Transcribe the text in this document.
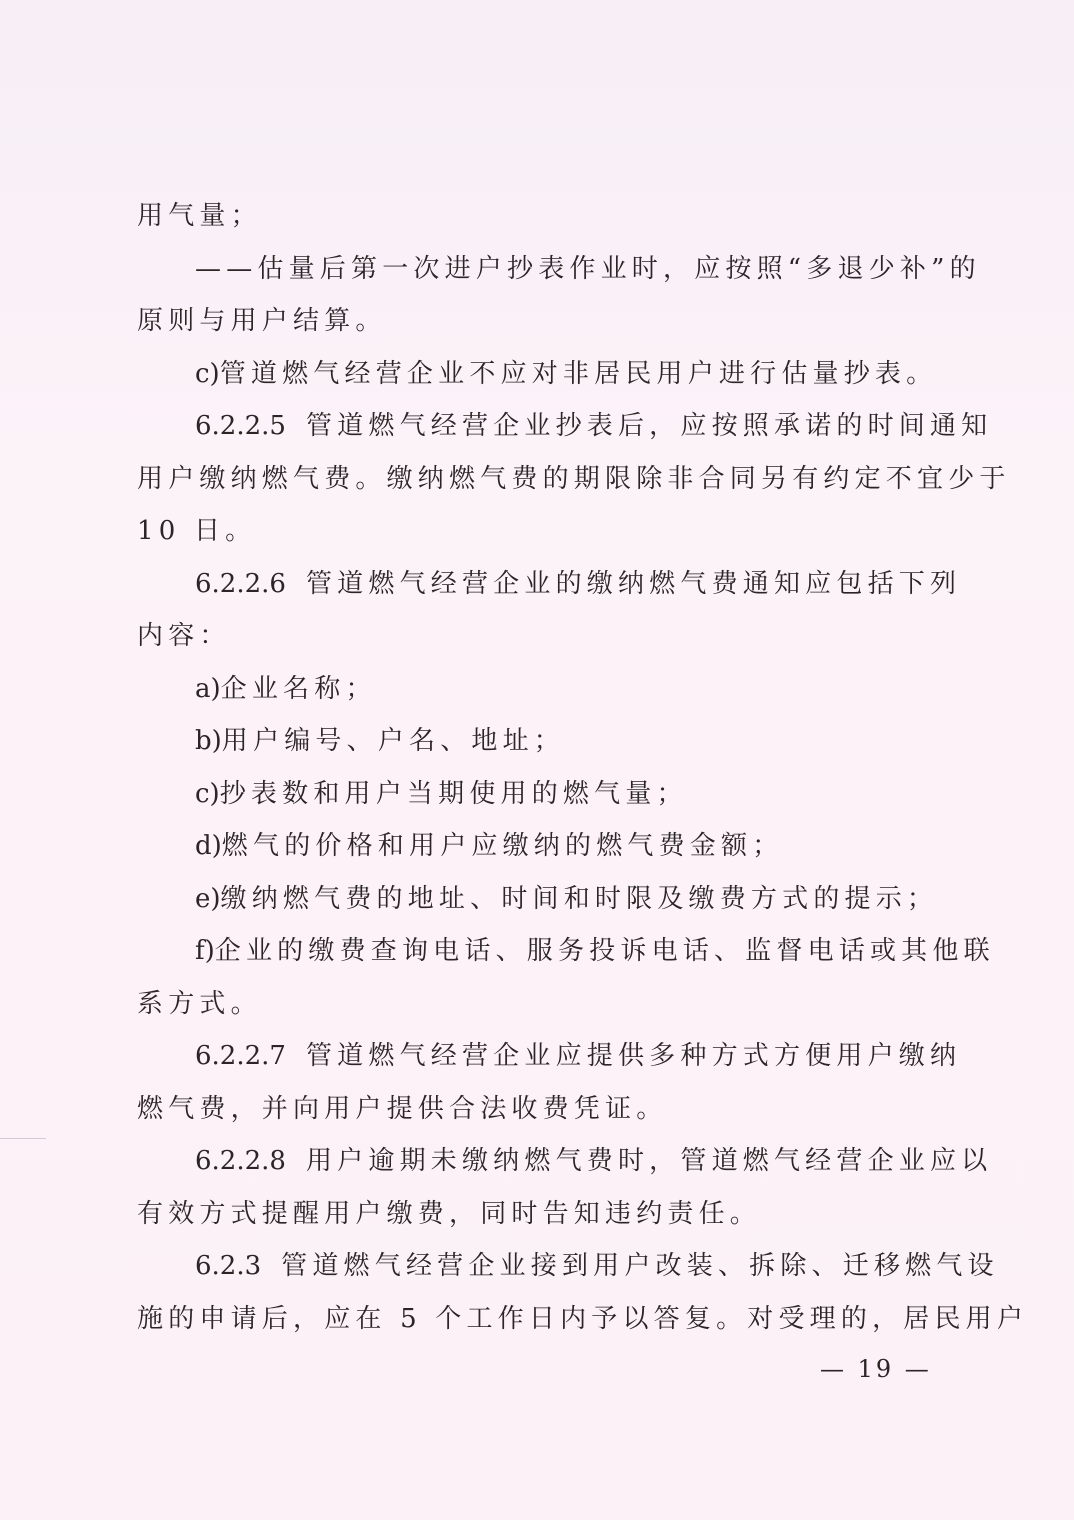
用气量；
——估量后第一次进户抄表作业时，应按照“多退少补”的
原则与用户结算。
c)管道燃气经营企业不应对非居民用户进行估量抄表。
6.2.2.5 管道燃气经营企业抄表后，应按照承诺的时间通知
用户缴纳燃气费。缴纳燃气费的期限除非合同另有约定不宜少于
10 日。
6.2.2.6 管道燃气经营企业的缴纳燃气费通知应包括下列
内容：
a)企业名称；
b)用户编号、户名、地址；
c)抄表数和用户当期使用的燃气量；
d)燃气的价格和用户应缴纳的燃气费金额；
e)缴纳燃气费的地址、时间和时限及缴费方式的提示；
f)企业的缴费查询电话、服务投诉电话、监督电话或其他联
系方式。
6.2.2.7 管道燃气经营企业应提供多种方式方便用户缴纳
燃气费，并向用户提供合法收费凭证。
6.2.2.8 用户逾期未缴纳燃气费时，管道燃气经营企业应以
有效方式提醒用户缴费，同时告知违约责任。
6.2.3 管道燃气经营企业接到用户改装、拆除、迁移燃气设
施的申请后，应在 5 个工作日内予以答复。对受理的，居民用户
— 19 —
